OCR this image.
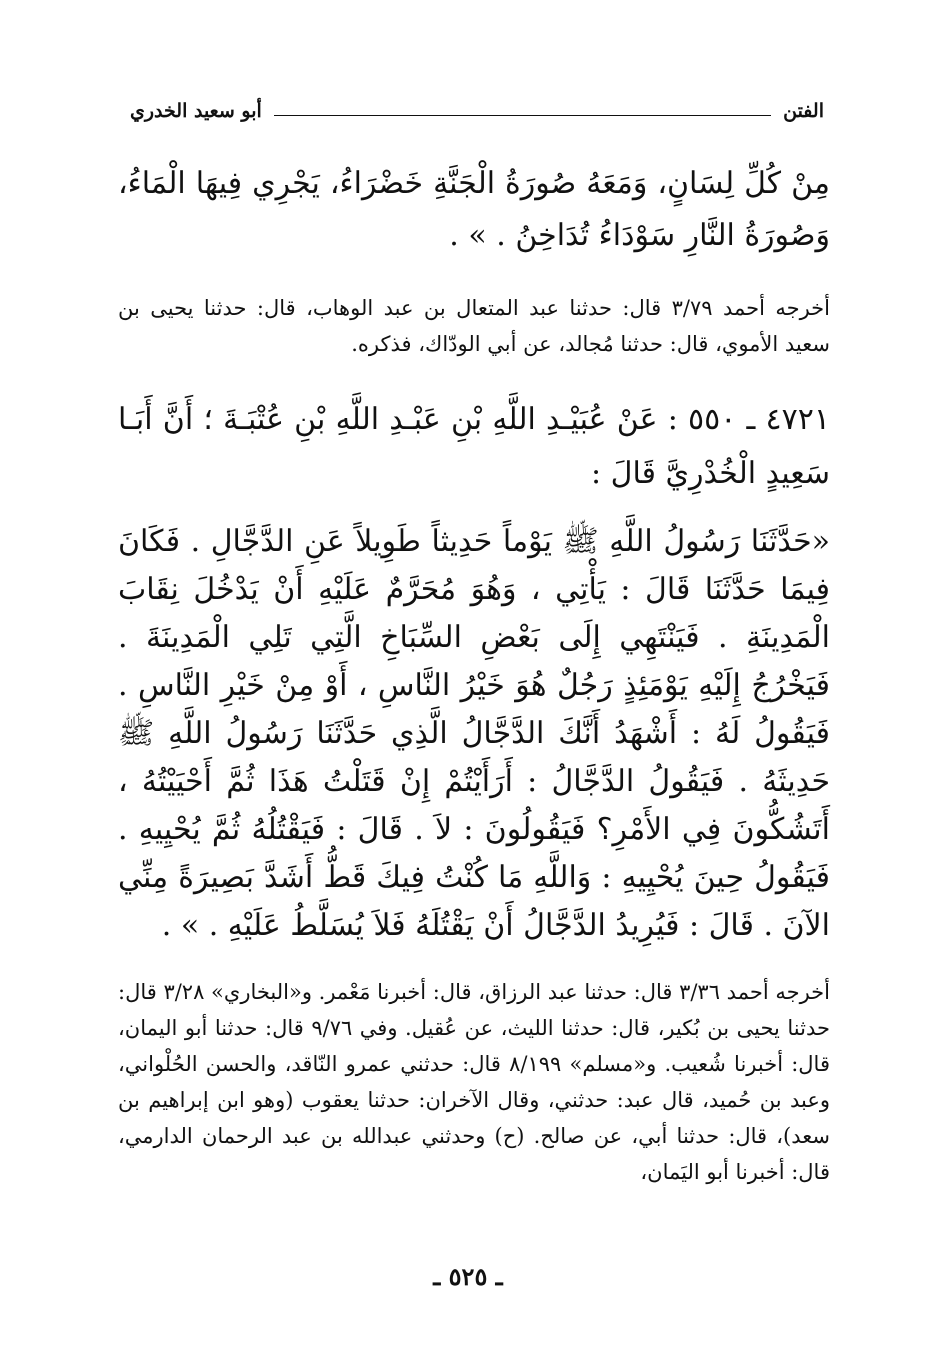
الفتن
أبو سعيد الخدري

مِنْ كُلِّ لِسَانٍ، وَمَعَهُ صُورَةُ الْجَنَّةِ خَضْرَاءُ، يَجْرِي فِيهَا الْمَاءُ، وَصُورَةُ النَّارِ سَوْدَاءُ تُدَاخِنُ . » .

أخرجه أحمد ٣/٧٩ قال: حدثنا عبد المتعال بن عبد الوهاب، قال: حدثنا يحيى بن سعيد الأموي، قال: حدثنا مُجالد، عن أبي الودّاك، فذكره.

٤٧٢١ ـ ٥٥٠ : عَنْ عُبَيْـدِ اللَّهِ بْنِ عَبْـدِ اللَّهِ بْنِ عُتْبَـةَ ؛ أَنَّ أَبَـا سَعِيدٍ الْخُدْرِيَّ قَالَ :

«حَدَّثَنَا رَسُولُ اللَّهِ ﷺ يَوْماً حَدِيثاً طَوِيلاً عَنِ الدَّجَّالِ . فَكَانَ فِيمَا حَدَّثَنَا قَالَ : يَأْتِي ، وَهُوَ مُحَرَّمٌ عَلَيْهِ أَنْ يَدْخُلَ نِقَابَ الْمَدِينَةِ . فَيَنْتَهِي إِلَى بَعْضِ السِّبَاخِ الَّتِي تَلِي الْمَدِينَةَ . فَيَخْرُجُ إِلَيْهِ يَوْمَئِذٍ رَجُلٌ هُوَ خَيْرُ النَّاسِ ، أَوْ مِنْ خَيْرِ النَّاسِ . فَيَقُولُ لَهُ : أَشْهَدُ أَنَّكَ الدَّجَّالُ الَّذِي حَدَّثَنَا رَسُولُ اللَّهِ ﷺ حَدِيثَهُ . فَيَقُولُ الدَّجَّالُ : أَرَأَيْتُمْ إِنْ قَتَلْتُ هَذَا ثُمَّ أَحْيَيْتُهُ ، أَتَشُكُّونَ فِي الأَمْرِ؟ فَيَقُولُونَ : لاَ . قَالَ : فَيَقْتُلُهُ ثُمَّ يُحْيِيهِ . فَيَقُولُ حِينَ يُحْيِيهِ : وَاللَّهِ مَا كُنْتُ فِيكَ قَطُّ أَشَدَّ بَصِيرَةً مِنِّي الآنَ . قَالَ : فَيُرِيدُ الدَّجَّالُ أَنْ يَقْتُلَهُ فَلاَ يُسَلَّطُ عَلَيْهِ . » .

أخرجه أحمد ٣/٣٦ قال: حدثنا عبد الرزاق، قال: أخبرنا مَعْمر. و«البخاري» ٣/٢٨ قال: حدثنا يحيى بن بُكير، قال: حدثنا الليث، عن عُقيل. وفي ٩/٧٦ قال: حدثنا أبو اليمان، قال: أخبرنا شُعيب. و«مسلم» ٨/١٩٩ قال: حدثني عمرو النّاقد، والحسن الحُلْواني، وعبد بن حُميد، قال عبد: حدثني، وقال الآخران: حدثنا يعقوب (وهو ابن إبراهيم بن سعد)، قال: حدثنا أبي، عن صالح. (ح) وحدثني عبدالله بن عبد الرحمان الدارمي، قال: أخبرنا أبو اليَمان،

ـ ٥٢٥ ـ
